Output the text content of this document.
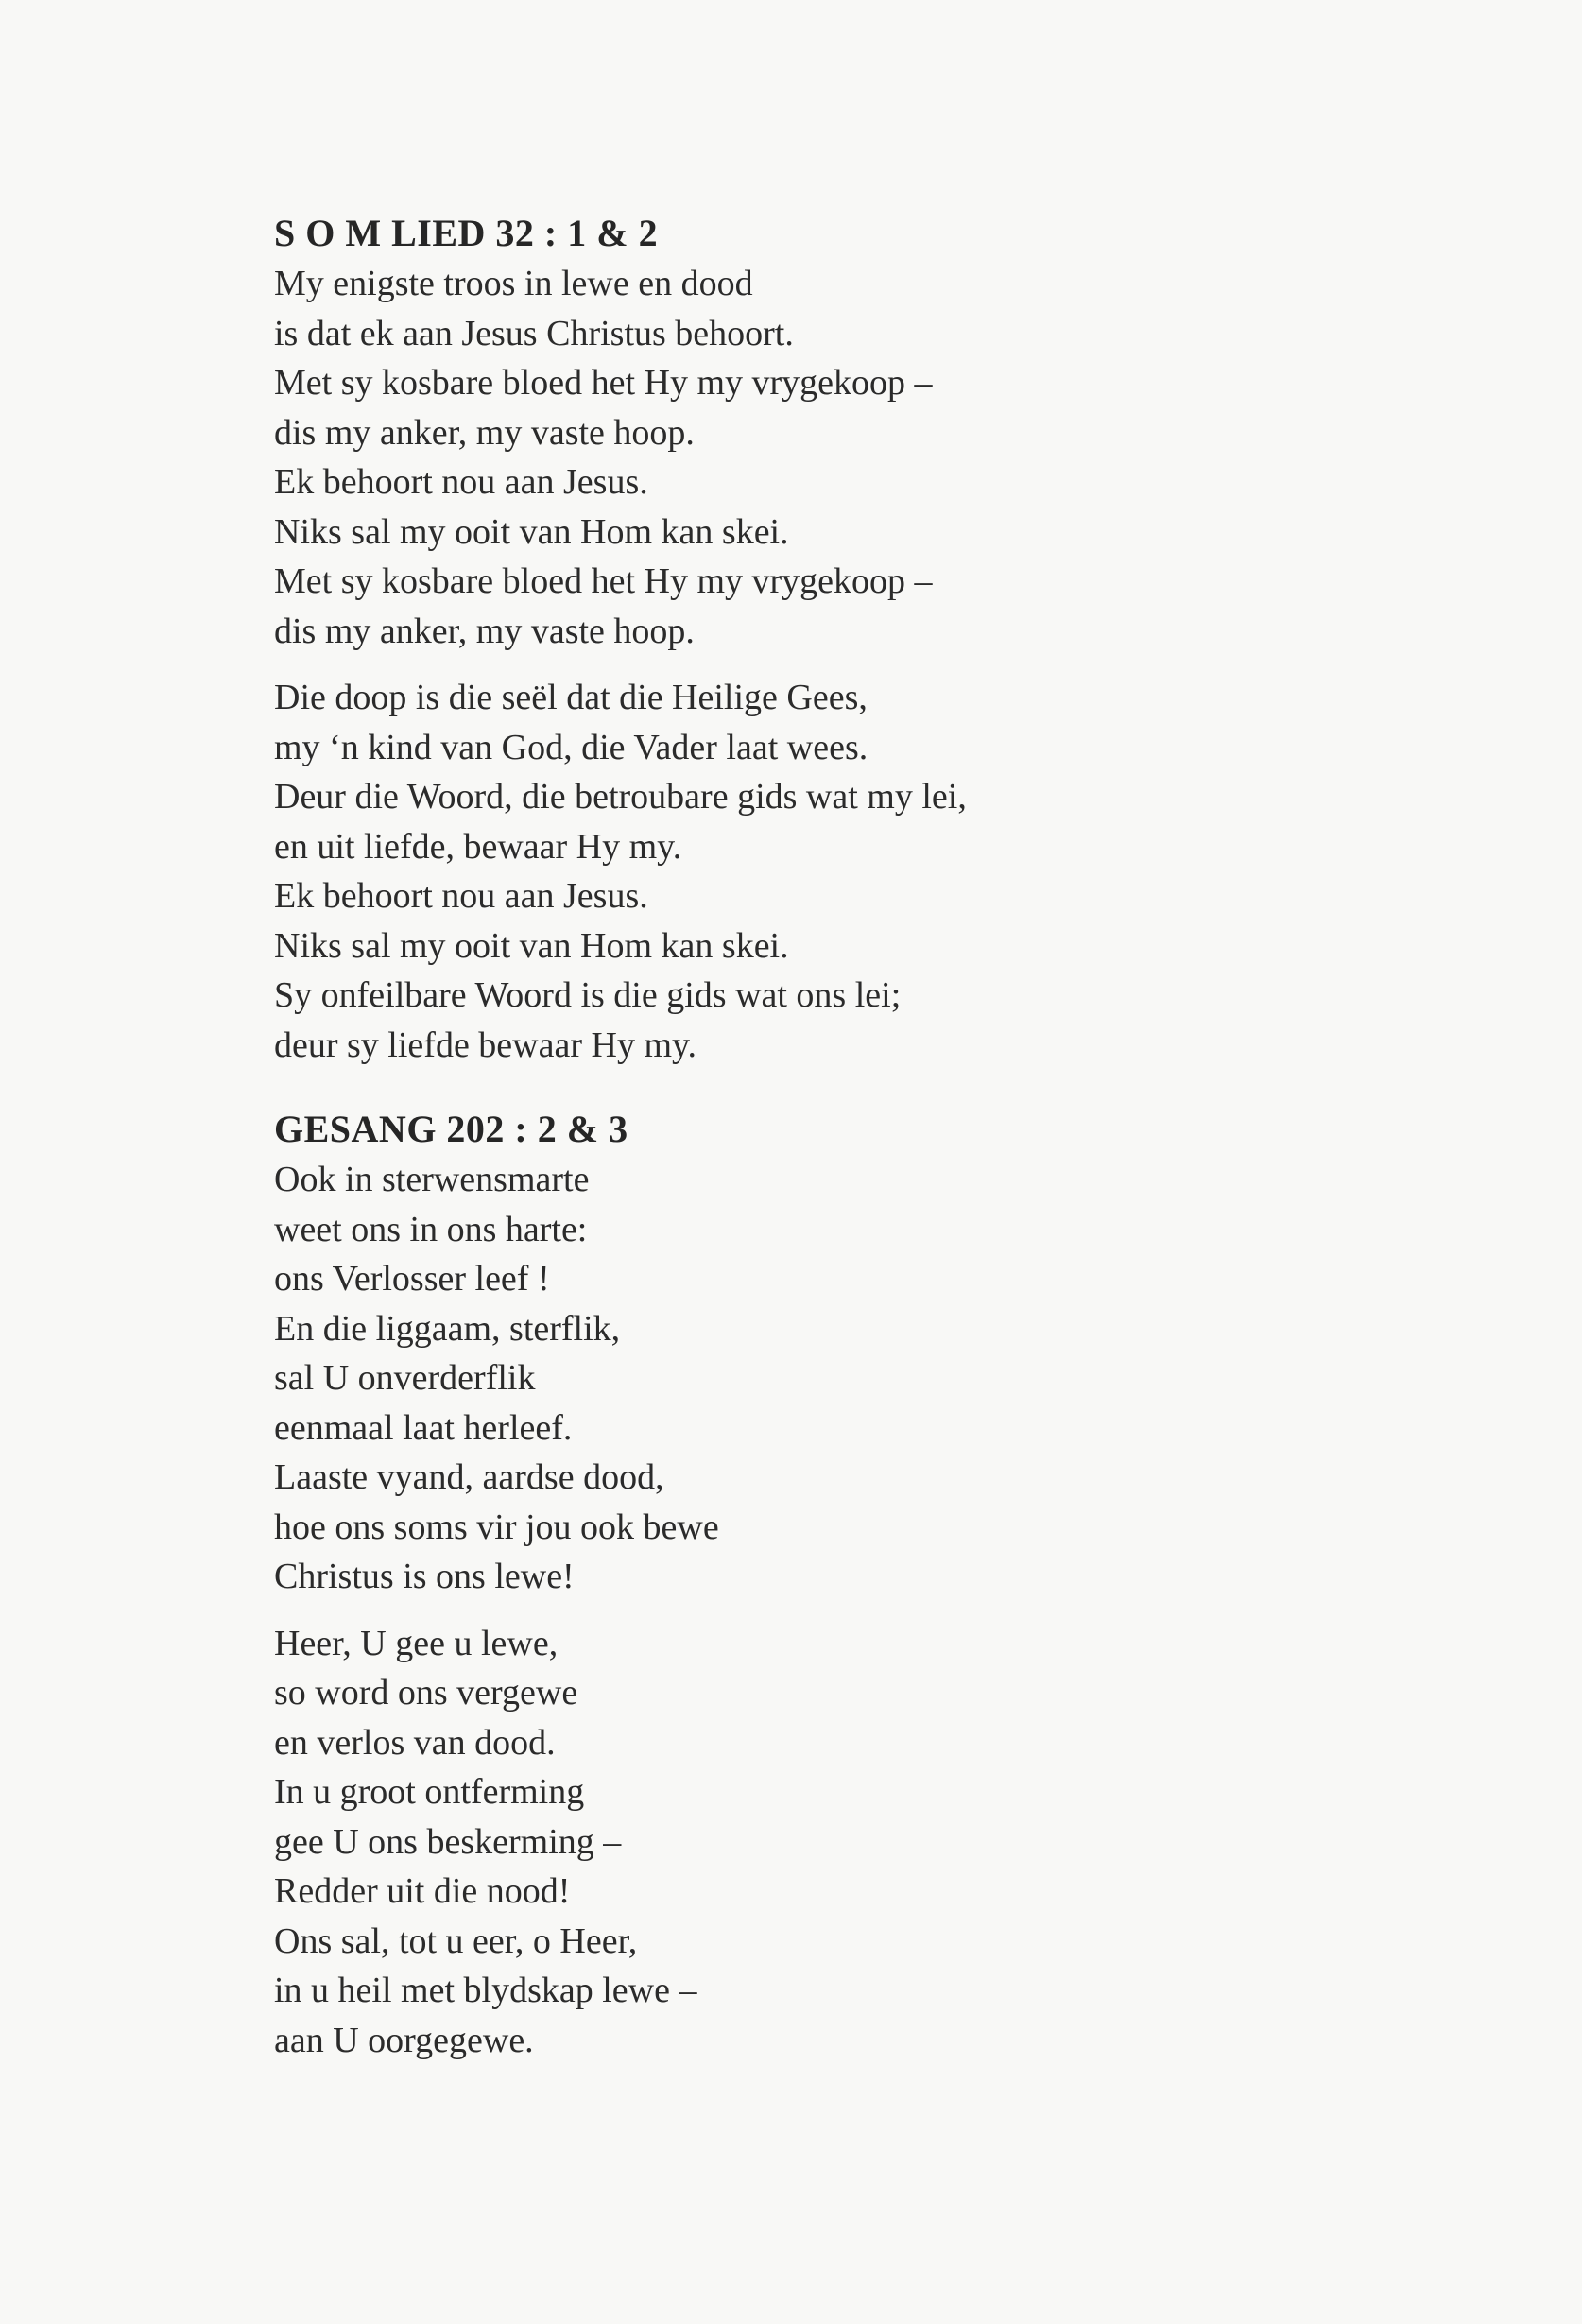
S O M LIED 32 : 1 & 2
My enigste troos in lewe en dood
is dat ek aan Jesus Christus behoort.
Met sy kosbare bloed het Hy my vrygekoop –
dis my anker, my vaste hoop.
Ek behoort nou aan Jesus.
Niks sal my ooit van Hom kan skei.
Met sy kosbare bloed het Hy my vrygekoop –
dis my anker, my vaste hoop.
Die doop is die seël dat die Heilige Gees,
my ‘n kind van God, die Vader laat wees.
Deur die Woord, die betroubare gids wat my lei,
en uit liefde, bewaar Hy my.
Ek behoort nou aan Jesus.
Niks sal my ooit van Hom kan skei.
Sy onfeilbare Woord is die gids wat ons lei;
deur sy liefde bewaar Hy my.
GESANG 202 : 2 & 3
Ook in sterwensmarte
weet ons in ons harte:
ons Verlosser leef !
En die liggaam, sterflik,
sal U onverderflik
eenmaal laat herleef.
Laaste vyand, aardse dood,
hoe ons soms vir jou ook bewe
Christus is ons lewe!
Heer, U gee u lewe,
so word ons vergewe
en verlos van dood.
In u groot ontferming
gee U ons beskerming –
Redder uit die nood!
Ons sal, tot u eer, o Heer,
in u heil met blydskap lewe –
aan U oorgegewe.
